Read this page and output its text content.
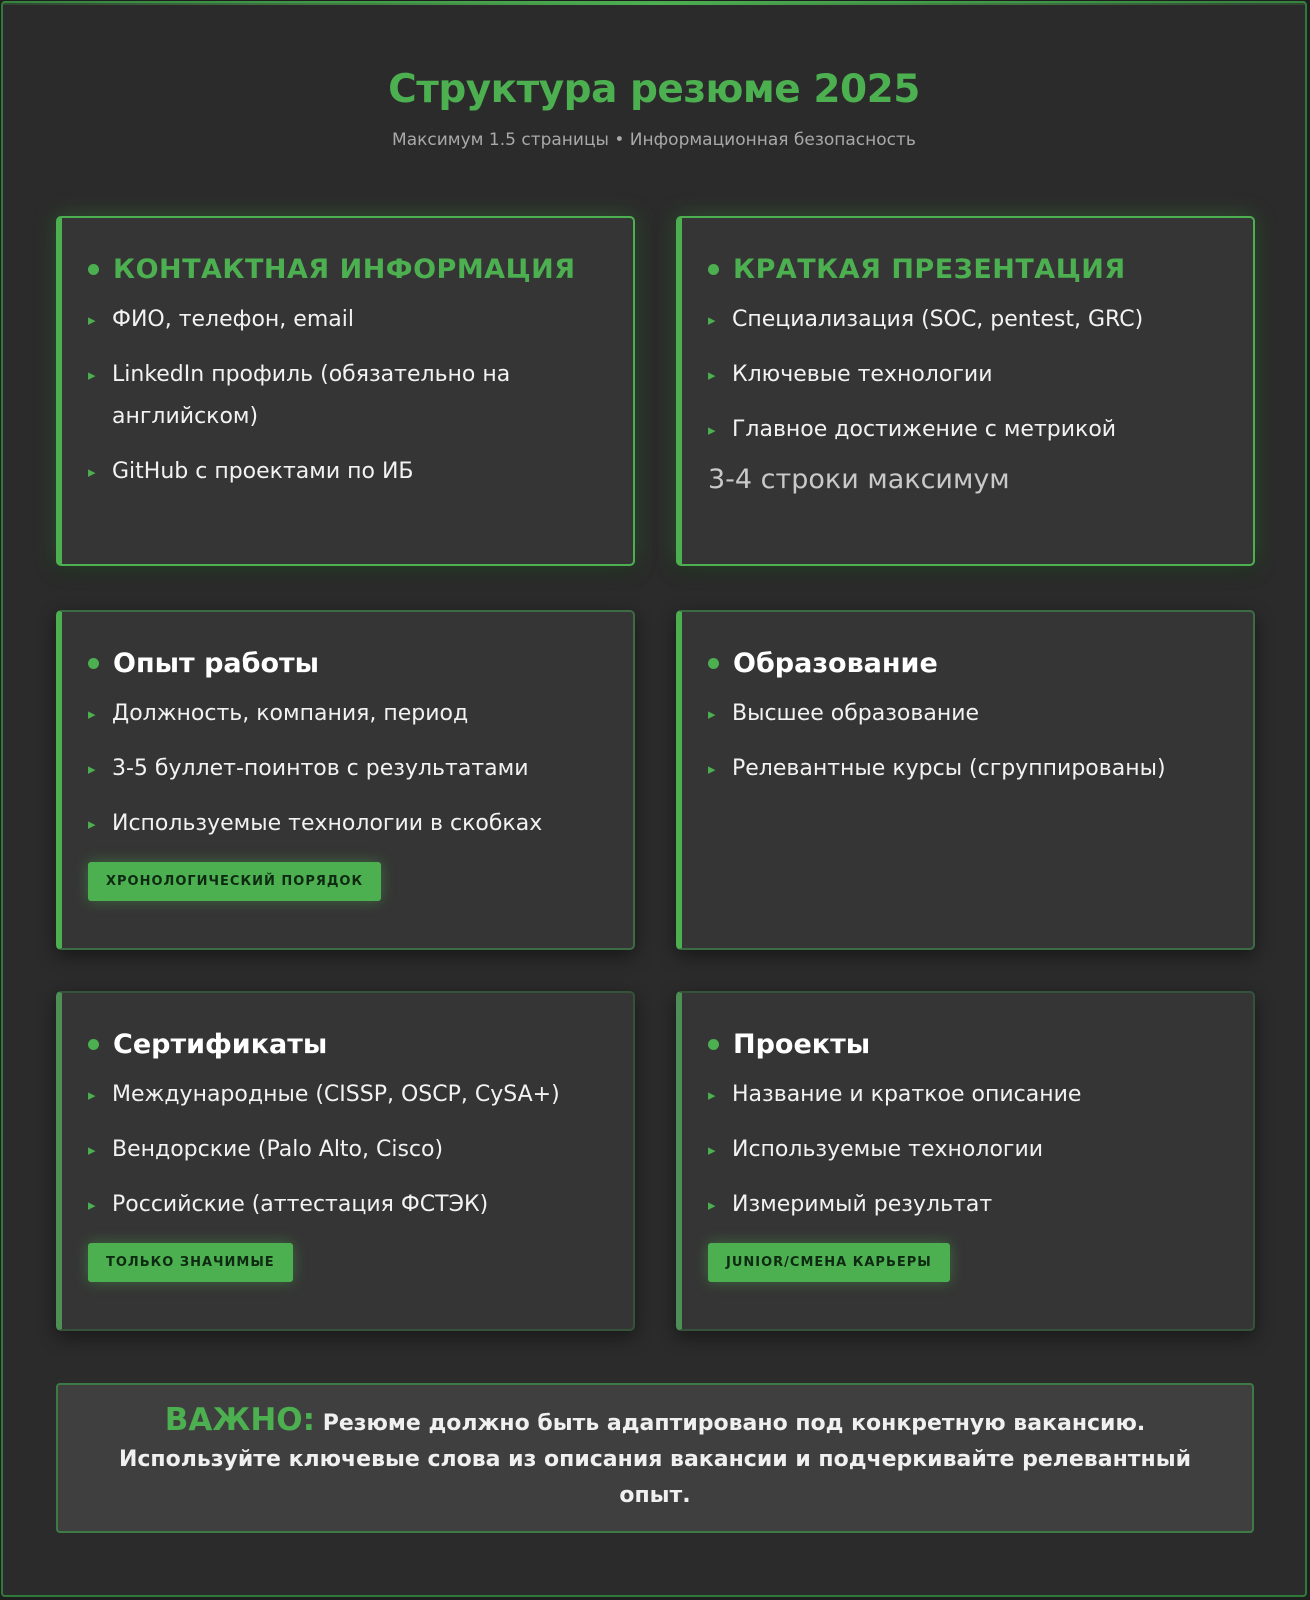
Структура резюме 2025
Максимум 1.5 страницы • Информационная безопасность
КОНТАКТНАЯ ИНФОРМАЦИЯ
▸ ФИО, телефон, email
▸ LinkedIn профиль (обязательно на английском)
▸ GitHub с проектами по ИБ
КРАТКАЯ ПРЕЗЕНТАЦИЯ
▸ Специализация (SOC, pentest, GRC)
▸ Ключевые технологии
▸ Главное достижение с метрикой
3-4 строки максимум
Опыт работы
▸ Должность, компания, период
▸ 3-5 буллет-поинтов с результатами
▸ Используемые технологии в скобках
ХРОНОЛОГИЧЕСКИЙ ПОРЯДОК
Образование
▸ Высшее образование
▸ Релевантные курсы (сгруппированы)
Сертификаты
▸ Международные (CISSP, OSCP, CySA+)
▸ Вендорские (Palo Alto, Cisco)
▸ Российские (аттестация ФСТЭК)
ТОЛЬКО ЗНАЧИМЫЕ
Проекты
▸ Название и краткое описание
▸ Используемые технологии
▸ Измеримый результат
JUNIOR/СМЕНА КАРЬЕРЫ
ВАЖНО: Резюме должно быть адаптировано под конкретную вакансию. Используйте ключевые слова из описания вакансии и подчеркивайте релевантный опыт.
